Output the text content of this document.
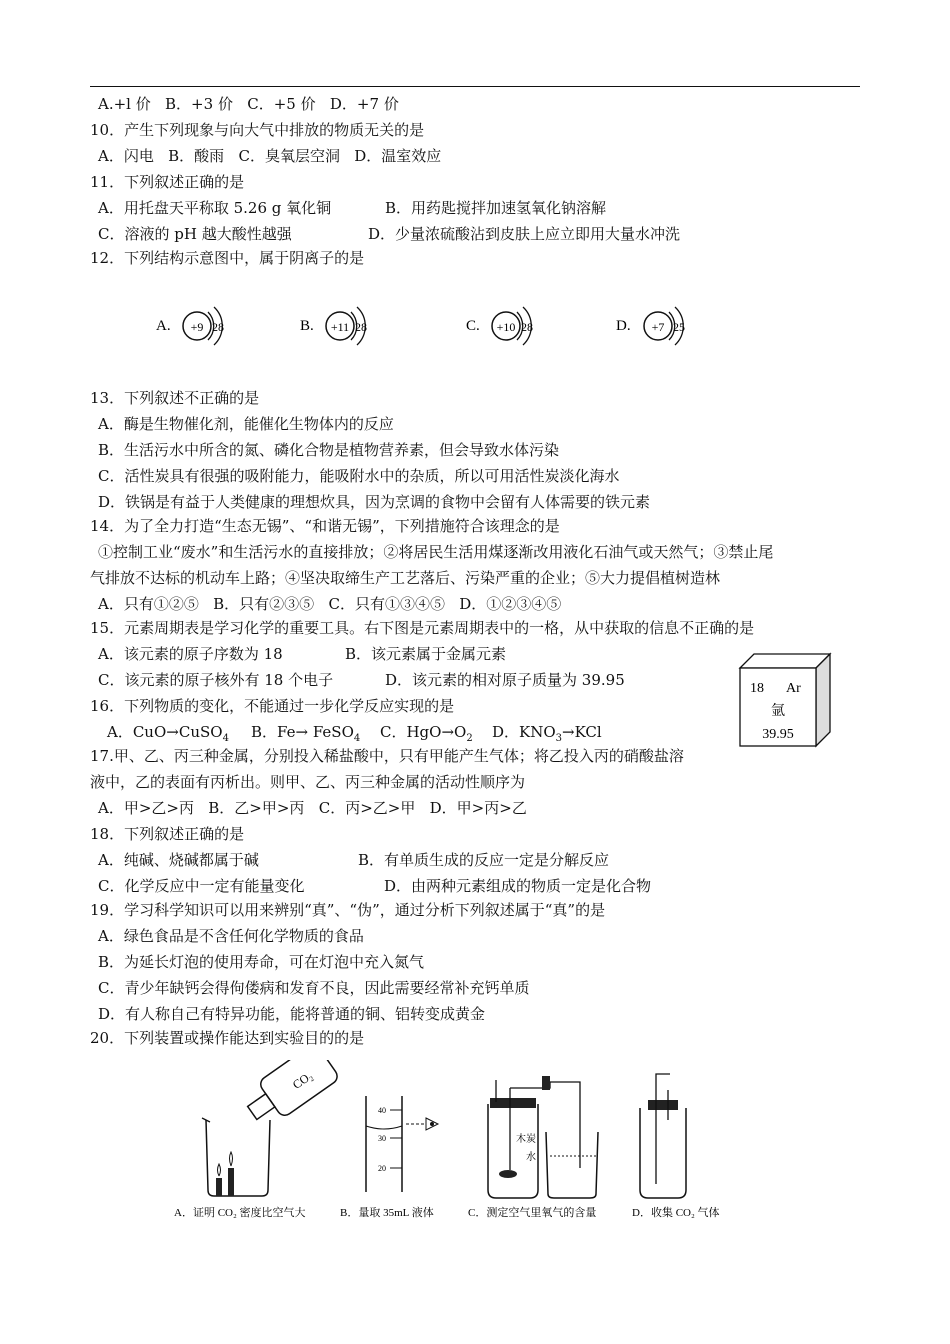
A.+l 价   B．+3 价   C．+5 价   D．+7 价
10．产生下列现象与向大气中排放的物质无关的是
A．闪电   B．酸雨   C．臭氧层空洞   D．温室效应
11．下列叙述正确的是
A．用托盘天平称取 5.26 g 氧化铜	B．用药匙搅拌加速氢氧化钠溶解
C．溶液的 pH 越大酸性越强	D．少量浓硫酸沾到皮肤上应立即用大量水冲洗
12．下列结构示意图中，属于阴离子的是
A. +9 28	B. +11 28	C. +10 28	D. +7 25
13．下列叙述不正确的是
A．酶是生物催化剂，能催化生物体内的反应
B．生活污水中所含的氮、磷化合物是植物营养素，但会导致水体污染
C．活性炭具有很强的吸附能力，能吸附水中的杂质，所以可用活性炭淡化海水
D．铁锅是有益于人类健康的理想炊具，因为烹调的食物中会留有人体需要的铁元素
14．为了全力打造“生态无锡”、“和谐无锡”，下列措施符合该理念的是
①控制工业“废水”和生活污水的直接排放；②将居民生活用煤逐渐改用液化石油气或天然气；③禁止尾
气排放不达标的机动车上路；④坚决取缔生产工艺落后、污染严重的企业；⑤大力提倡植树造林
A．只有①②⑤   B．只有②③⑤   C．只有①③④⑤   D．①②③④⑤
15．元素周期表是学习化学的重要工具。右下图是元素周期表中的一格，从中获取的信息不正确的是
A．该元素的原子序数为 18	B．该元素属于金属元素
C．该元素的原子核外有 18 个电子	D．该元素的相对原子质量为 39.95	18 Ar
氩
39.95
16．下列物质的变化，不能通过一步化学反应实现的是
A．CuO→CuSO$_4$ B．Fe→ FeSO$_4$ C．$HgO\to O_2$ D．$KNO_3\to KCl$
17.甲、乙、丙三种金属，分别投入稀盐酸中，只有甲能产生气体；将乙投入丙的硝酸盐溶
液中，乙的表面有丙析出。则甲、乙、丙三种金属的活动性顺序为
A．甲>乙>丙   B．乙>甲>丙   C．丙>乙>甲   D．甲>丙>乙
18．下列叙述正确的是
A．纯碱、烧碱都属于碱	B．有单质生成的反应一定是分解反应
C．化学反应中一定有能量变化	D．由两种元素组成的物质一定是化合物
19．学习科学知识可以用来辨别“真”、“伪”，通过分析下列叙述属于“真”的是
A．绿色食品是不含任何化学物质的食品
B．为延长灯泡的使用寿命，可在灯泡中充入氮气
C．青少年缺钙会得佝偻病和发育不良，因此需要经常补充钙单质
D．有人称自己有特异功能，能将普通的铜、铝转变成黄金
20．下列装置或操作能达到实验目的的是
CO₂
40
30
20
木炭
水
A．证明 CO₂ 密度比空气大	B．量取 35mL 液体	C．测定空气里氧气的含量	D．收集 CO₂ 气体
